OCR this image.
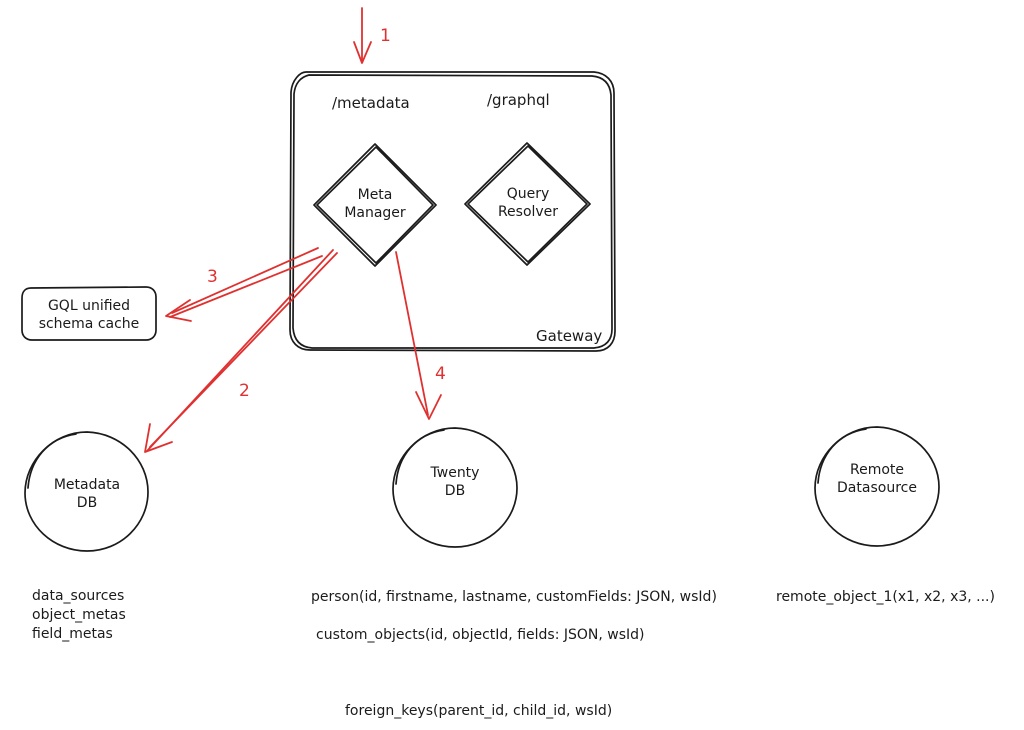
/metadata	/graphql
Gateway
Meta
Manager
Query
Resolver
GQL unified
schema cache
Metadata
DB
Twenty
DB
Remote
Datasource
1
2
3
4
data_sources
object_metas
field_metas
person(id, firstname, lastname, customFields: JSON, wsId)
custom_objects(id, objectId, fields: JSON, wsId)
remote_object_1(x1, x2, x3, ...)
foreign_keys(parent_id, child_id, wsId)
